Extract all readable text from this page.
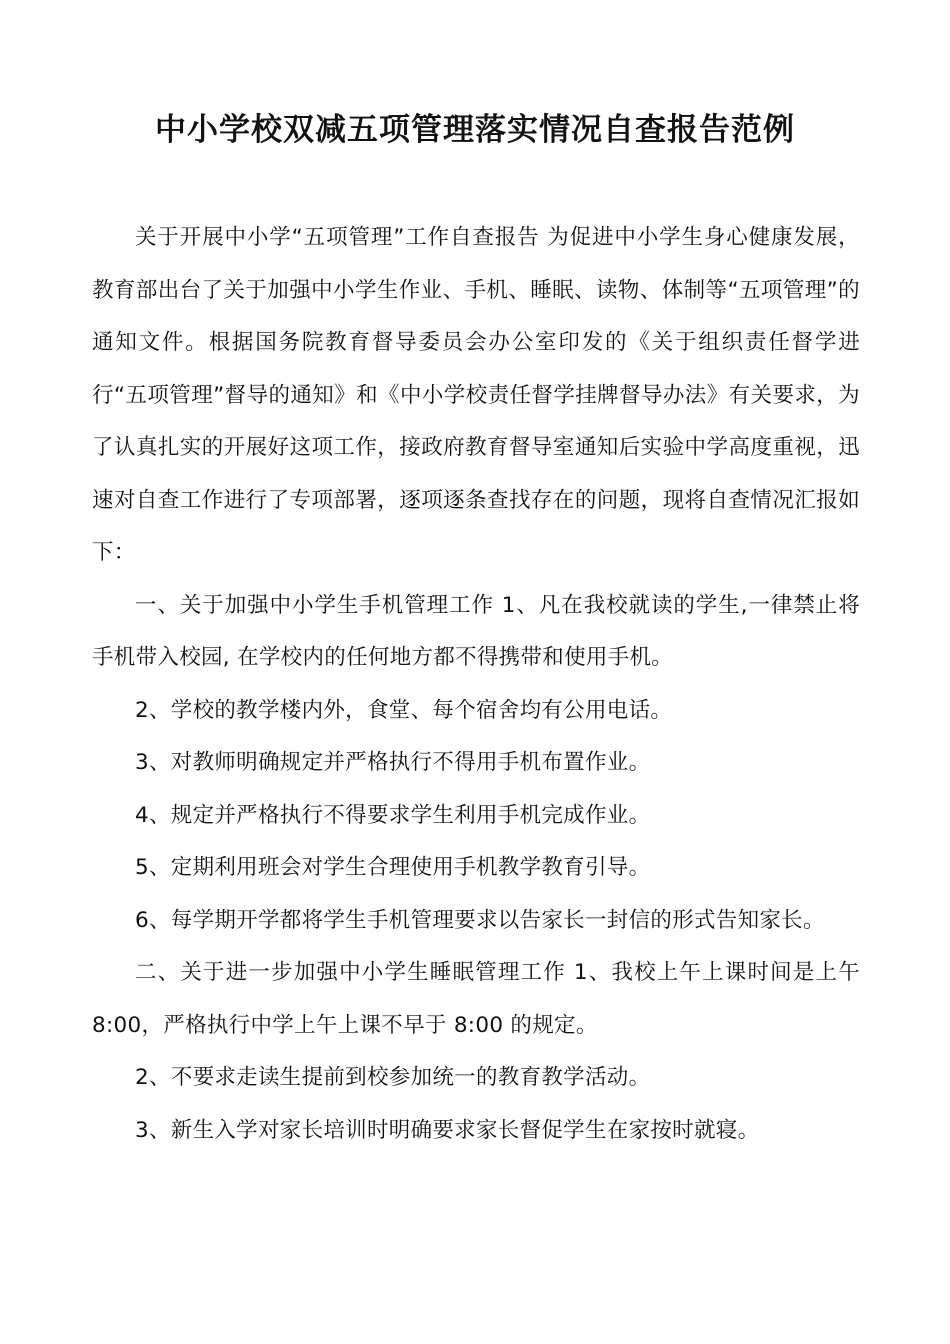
中小学校双减五项管理落实情况自查报告范例

关于开展中小学“五项管理”工作自查报告 为促进中小学生身心健康发展，教育部出台了关于加强中小学生作业、手机、睡眠、读物、体制等“五项管理”的通知文件。根据国务院教育督导委员会办公室印发的《关于组织责任督学进行“五项管理”督导的通知》和《中小学校责任督学挂牌督导办法》有关要求，为了认真扎实的开展好这项工作，接政府教育督导室通知后实验中学高度重视，迅速对自查工作进行了专项部署，逐项逐条查找存在的问题，现将自查情况汇报如下：

一、关于加强中小学生手机管理工作 1、凡在我校就读的学生,一律禁止将手机带入校园, 在学校内的任何地方都不得携带和使用手机。

2、学校的教学楼内外，食堂、每个宿舍均有公用电话。

3、对教师明确规定并严格执行不得用手机布置作业。

4、规定并严格执行不得要求学生利用手机完成作业。

5、定期利用班会对学生合理使用手机教学教育引导。

6、每学期开学都将学生手机管理要求以告家长一封信的形式告知家长。

二、关于进一步加强中小学生睡眠管理工作 1、我校上午上课时间是上午 8:00，严格执行中学上午上课不早于 8:00 的规定。

2、不要求走读生提前到校参加统一的教育教学活动。

3、新生入学对家长培训时明确要求家长督促学生在家按时就寝。
